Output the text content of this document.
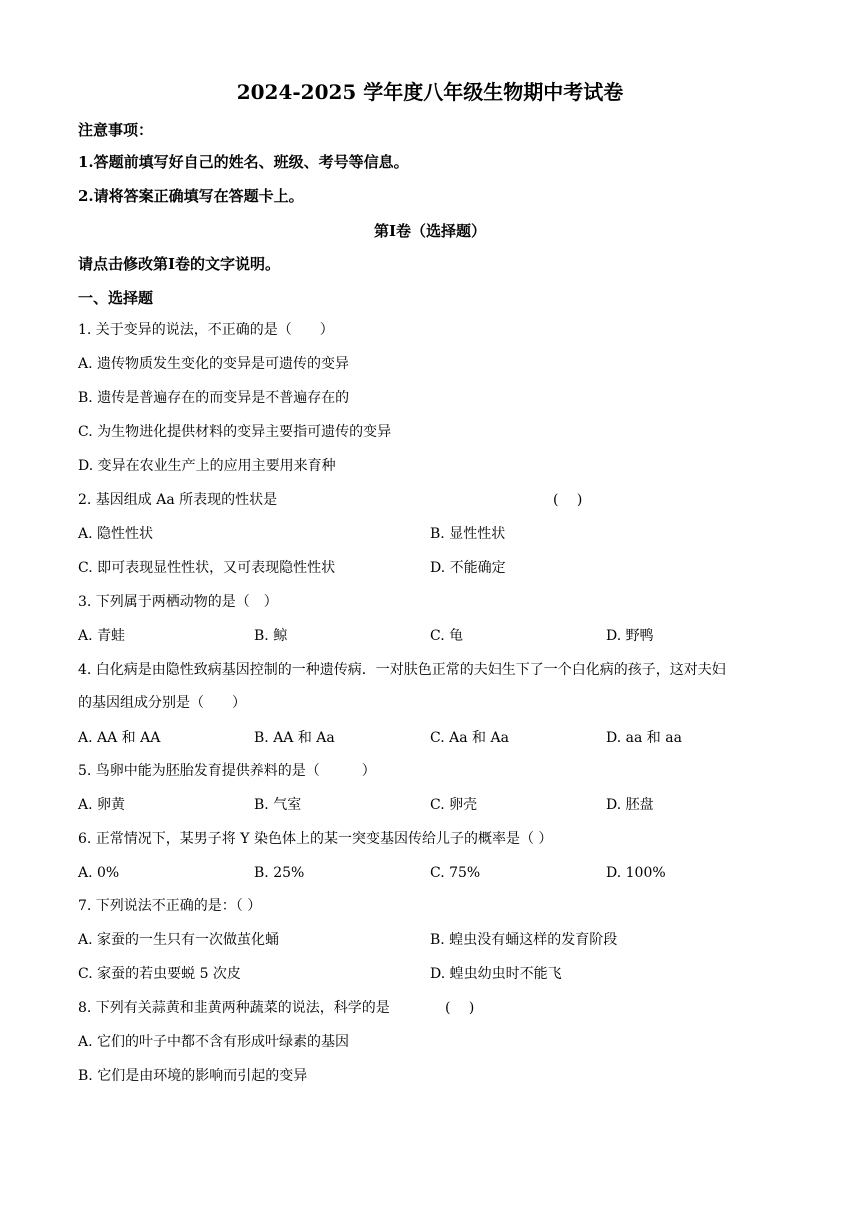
2024-2025 学年度八年级生物期中考试卷
注意事项：
1.答题前填写好自己的姓名、班级、考号等信息。
2.请将答案正确填写在答题卡上。
第Ⅰ卷（选择题）
请点击修改第Ⅰ卷的文字说明。
一、选择题
1. 关于变异的说法，不正确的是（　　）
A. 遗传物质发生变化的变异是可遗传的变异
B. 遗传是普遍存在的而变异是不普遍存在的
C. 为生物进化提供材料的变异主要指可遗传的变异
D. 变异在农业生产上的应用主要用来育种
2. 基因组成 Aa 所表现的性状是	(　 )
A. 隐性性状	B. 显性性状
C. 即可表现显性性状，又可表现隐性性状	D. 不能确定
3. 下列属于两栖动物的是（　）
A. 青蛙	B. 鲸	C. 龟	D. 野鸭
4. 白化病是由隐性致病基因控制的一种遗传病．一对肤色正常的夫妇生下了一个白化病的孩子，这对夫妇
的基因组成分别是（　　）
A. AA 和 AA	B. AA 和 Aa	C. Aa 和 Aa	D. aa 和 aa
5. 鸟卵中能为胚胎发育提供养料的是（　　　）
A. 卵黄	B. 气室	C. 卵壳	D. 胚盘
6. 正常情况下，某男子将 Y 染色体上的某一突变基因传给儿子的概率是（ ）
A. 0%	B. 25%	C. 75%	D. 100%
7. 下列说法不正确的是：（ ）
A. 家蚕的一生只有一次做茧化蛹	B. 蝗虫没有蛹这样的发育阶段
C. 家蚕的若虫要蜕 5 次皮	D. 蝗虫幼虫时不能飞
8. 下列有关蒜黄和韭黄两种蔬菜的说法，科学的是	(　 )
A. 它们的叶子中都不含有形成叶绿素的基因
B. 它们是由环境的影响而引起的变异
